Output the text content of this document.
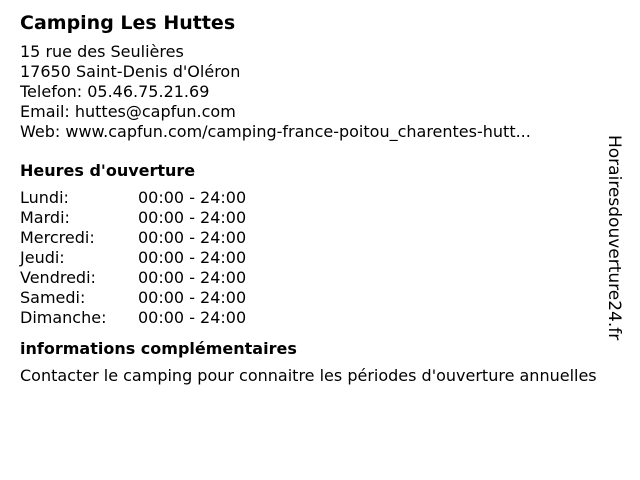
Camping Les Huttes
15 rue des Seulières
17650 Saint-Denis d'Oléron
Telefon: 05.46.75.21.69
Email: huttes@capfun.com
Web: www.capfun.com/camping-france-poitou_charentes-hutt...
Heures d'ouverture
Lundi:	00:00 - 24:00
Mardi:	00:00 - 24:00
Mercredi:	00:00 - 24:00
Jeudi:	00:00 - 24:00
Vendredi:	00:00 - 24:00
Samedi:	00:00 - 24:00
Dimanche:	00:00 - 24:00
informations complémentaires
Contacter le camping pour connaitre les périodes d'ouverture annuelles
Horairesdouverture24.fr
